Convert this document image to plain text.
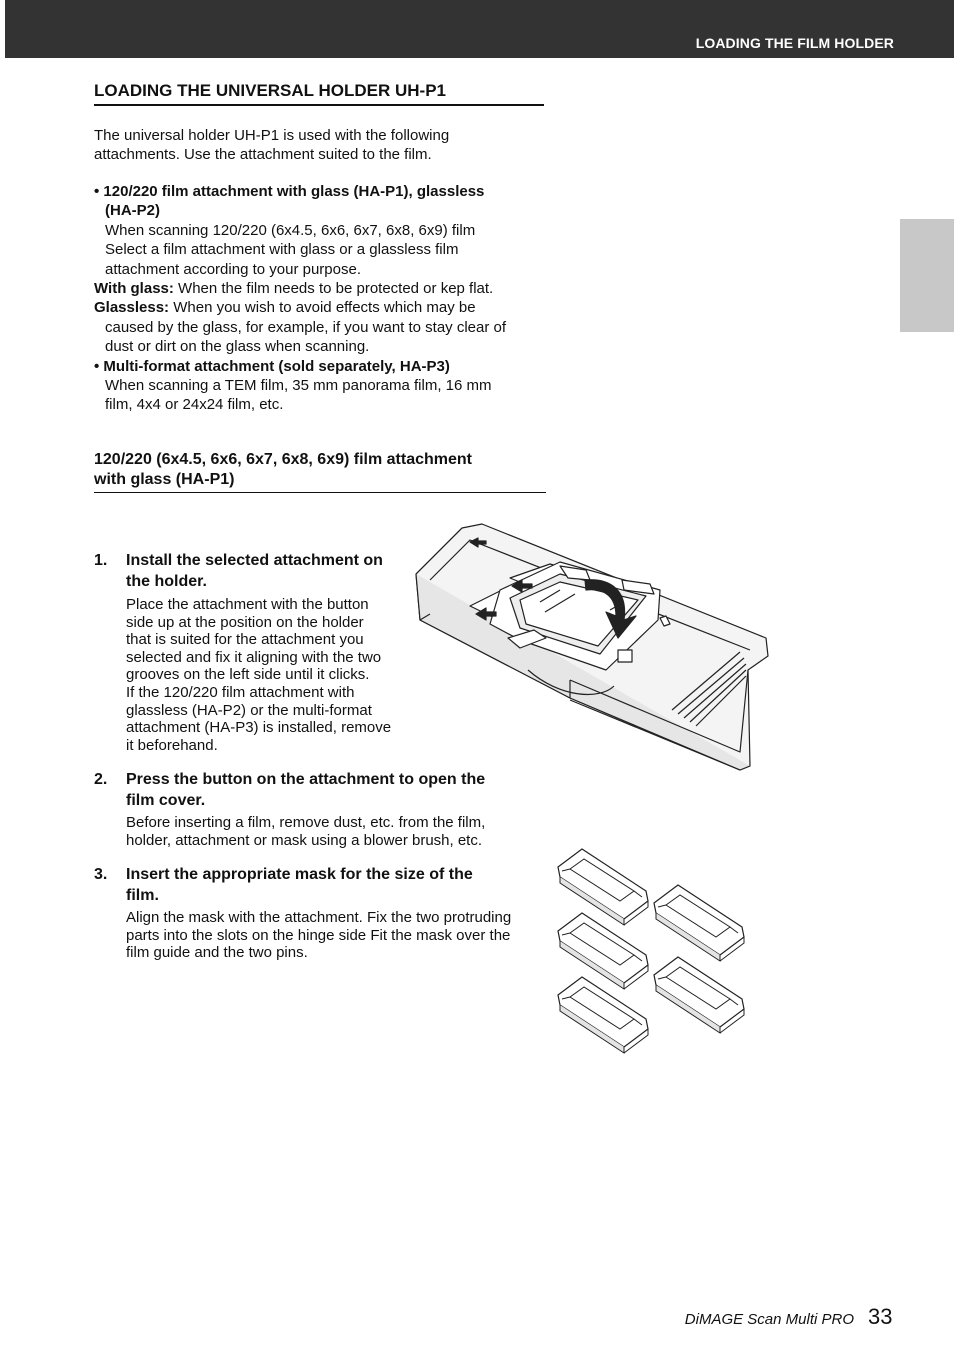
LOADING THE FILM HOLDER
LOADING THE UNIVERSAL HOLDER UH-P1
The universal holder UH-P1 is used with the following
attachments. Use the attachment suited to the film.
• 120/220 film attachment with glass (HA-P1), glassless
(HA-P2)
When scanning 120/220 (6x4.5, 6x6, 6x7, 6x8, 6x9) film
Select a film attachment with glass or a glassless film
attachment according to your purpose.
With glass: When the film needs to be protected or kep flat.
Glassless: When you wish to avoid effects which may be
caused by the glass, for example, if you want to stay clear of
dust or dirt on the glass when scanning.
• Multi-format attachment (sold separately, HA-P3)
When scanning a TEM film, 35 mm panorama film, 16 mm
film, 4x4 or 24x24 film, etc.
120/220 (6x4.5, 6x6, 6x7, 6x8, 6x9) film attachment
with glass (HA-P1)
1. Install the selected attachment on
the holder.
Place the attachment with the button
side up at the position on the holder
that is suited for the attachment you
selected and fix it aligning with the two
grooves on the left side until it clicks.
If the 120/220 film attachment with
glassless (HA-P2) or the multi-format
attachment (HA-P3) is installed, remove
it beforehand.
2. Press the button on the attachment to open the
film cover.
Before inserting a film, remove dust, etc. from the film,
holder, attachment or mask using a blower brush, etc.
3. Insert the appropriate mask for the size of the
film.
Align the mask with the attachment. Fix the two protruding
parts into the slots on the hinge side Fit the mask over the
film guide and the two pins.
DiMAGE Scan Multi PRO 33
